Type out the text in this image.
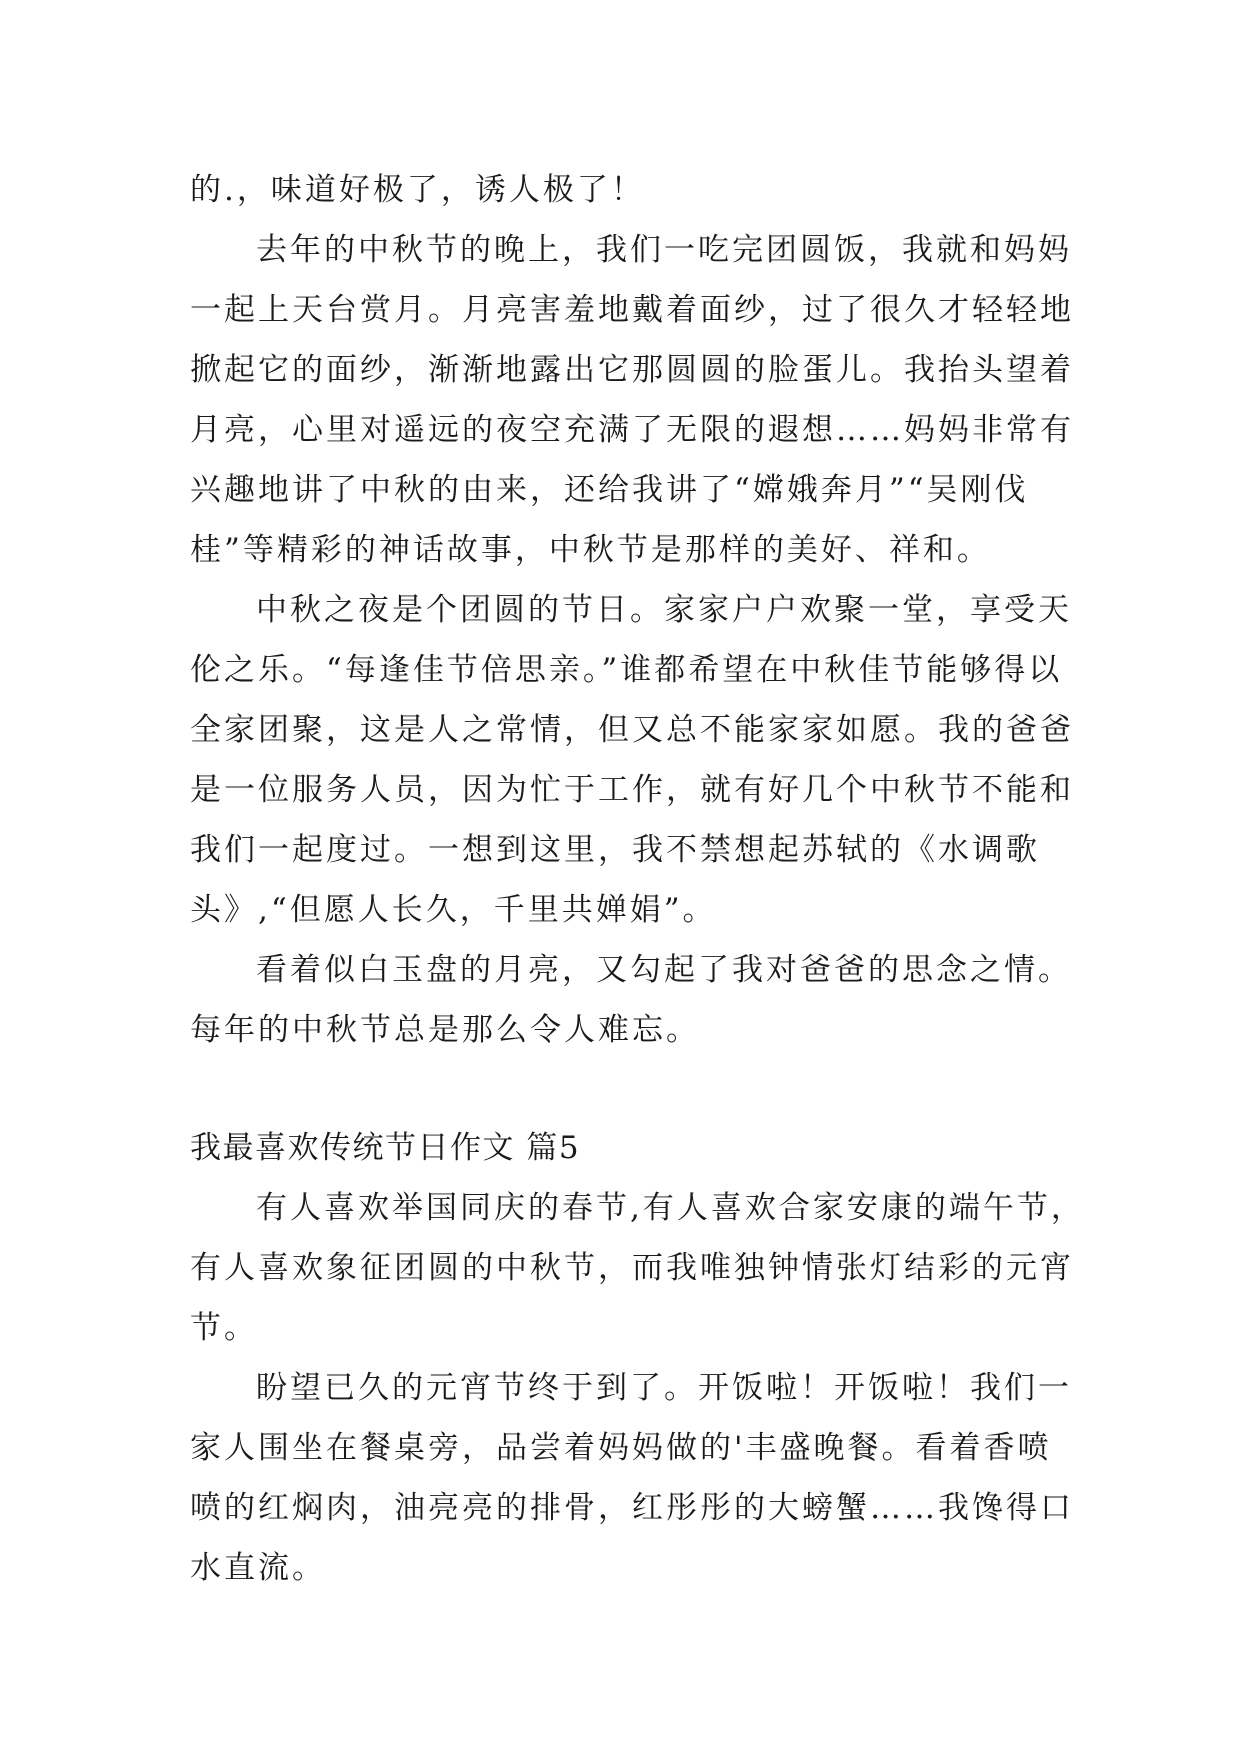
的.，味道好极了，诱人极了！
去年的中秋节的晚上，我们一吃完团圆饭，我就和妈妈
一起上天台赏月。月亮害羞地戴着面纱，过了很久才轻轻地
掀起它的面纱，渐渐地露出它那圆圆的脸蛋儿。我抬头望着
月亮，心里对遥远的夜空充满了无限的遐想……妈妈非常有
兴趣地讲了中秋的由来，还给我讲了“嫦娥奔月”“吴刚伐
桂”等精彩的神话故事，中秋节是那样的美好、祥和。
中秋之夜是个团圆的节日。家家户户欢聚一堂，享受天
伦之乐。“每逢佳节倍思亲。”谁都希望在中秋佳节能够得以
全家团聚，这是人之常情，但又总不能家家如愿。我的爸爸
是一位服务人员，因为忙于工作，就有好几个中秋节不能和
我们一起度过。一想到这里，我不禁想起苏轼的《水调歌
头》,“但愿人长久，千里共婵娟”。
看着似白玉盘的月亮，又勾起了我对爸爸的思念之情。
每年的中秋节总是那么令人难忘。
我最喜欢传统节日作文 篇5
有人喜欢举国同庆的春节,有人喜欢合家安康的端午节，
有人喜欢象征团圆的中秋节，而我唯独钟情张灯结彩的元宵
节。
盼望已久的元宵节终于到了。开饭啦！开饭啦！我们一
家人围坐在餐桌旁，品尝着妈妈做的'丰盛晚餐。看着香喷
喷的红焖肉，油亮亮的排骨，红彤彤的大螃蟹……我馋得口
水直流。
